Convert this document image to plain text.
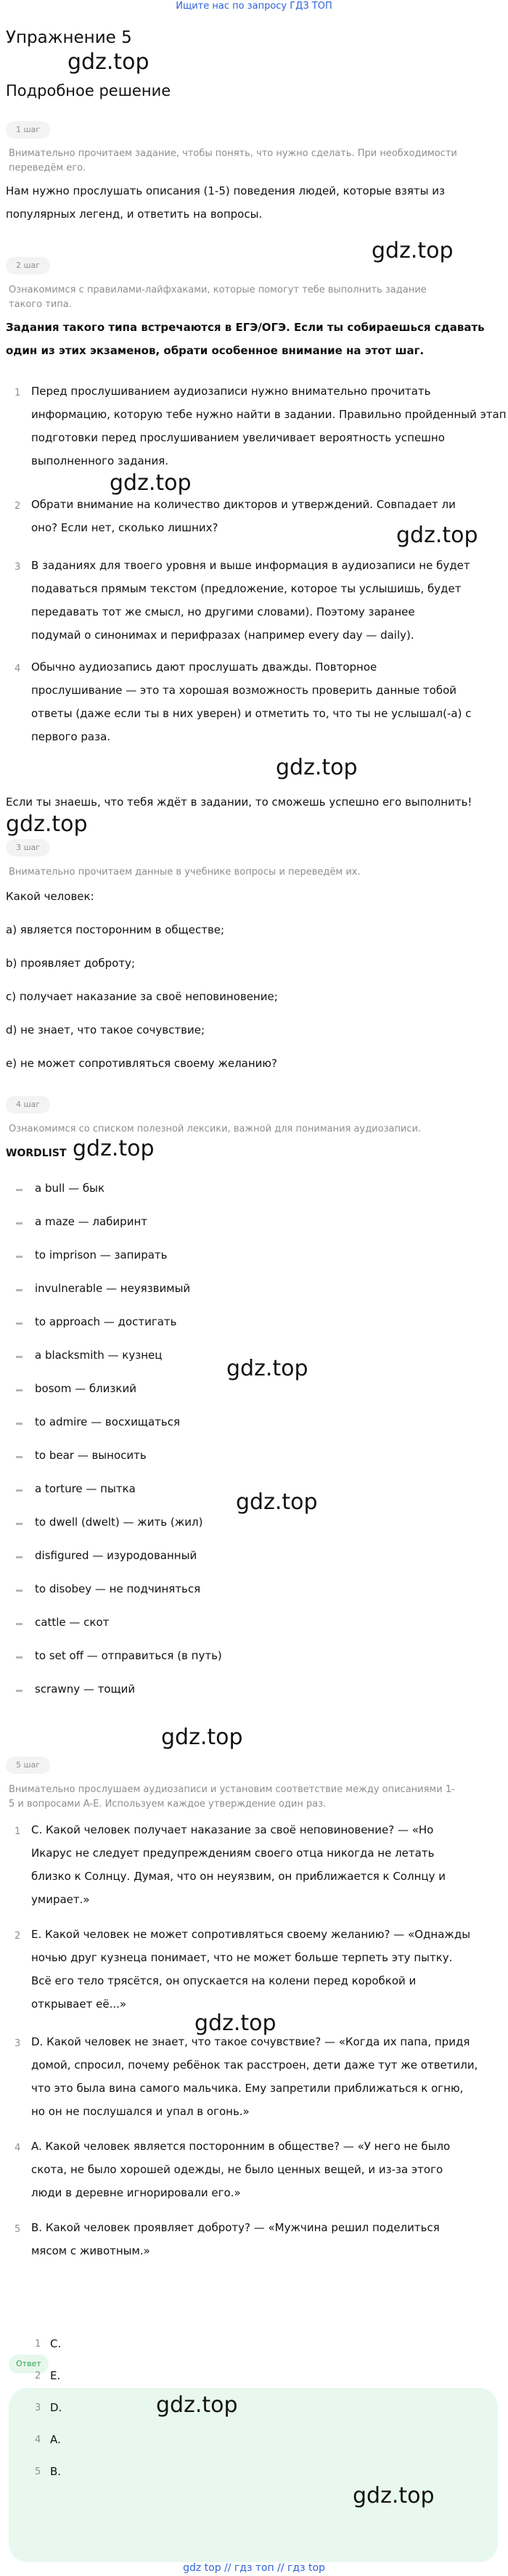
Ищите нас по запросу ГДЗ ТОП
Упражнение 5
gdz.top
Подробное решение
1 шаг
Внимательно прочитаем задание, чтобы понять, что нужно сделать. При необходимости
переведём его.
Нам нужно прослушать описания (1-5) поведения людей, которые взяты из
популярных легенд, и ответить на вопросы.
gdz.top
2 шаг
Ознакомимся с правилами-лайфхаками, которые помогут тебе выполнить задание
такого типа.
Задания такого типа встречаются в ЕГЭ/ОГЭ. Если ты собираешься сдавать
один из этих экзаменов, обрати особенное внимание на этот шаг.
1 Перед прослушиванием аудиозаписи нужно внимательно прочитать
информацию, которую тебе нужно найти в задании. Правильно пройденный этап
подготовки перед прослушиванием увеличивает вероятность успешно
выполненного задания.
gdz.top
2 Обрати внимание на количество дикторов и утверждений. Совпадает ли
оно? Если нет, сколько лишних?	gdz.top
3 В заданиях для твоего уровня и выше информация в аудиозаписи не будет
подаваться прямым текстом (предложение, которое ты услышишь, будет
передавать тот же смысл, но другими словами). Поэтому заранее
подумай о синонимах и перифразах (например every day — daily).
4 Обычно аудиозапись дают прослушать дважды. Повторное
прослушивание — это та хорошая возможность проверить данные тобой
ответы (даже если ты в них уверен) и отметить то, что ты не услышал(-а) с
первого раза.
gdz.top
Если ты знаешь, что тебя ждёт в задании, то сможешь успешно его выполнить!
gdz.top
3 шаг
Внимательно прочитаем данные в учебнике вопросы и переведём их.
Какой человек:
a) является посторонним в обществе;
b) проявляет доброту;
c) получает наказание за своё неповиновение;
d) не знает, что такое сочувствие;
e) не может сопротивляться своему желанию?
4 шаг
Ознакомимся со списком полезной лексики, важной для понимания аудиозаписи.
WORDLIST gdz.top
a bull — бык
a maze — лабиринт
to imprison — запирать
invulnerable — неуязвимый
to approach — достигать
a blacksmith — кузнец
gdz.top
bosom — близкий
to admire — восхищаться
to bear — выносить
a torture — пытка
gdz.top
to dwell (dwelt) — жить (жил)
disfigured — изуродованный
to disobey — не подчиняться
cattle — скот
to set off — отправиться (в путь)
scrawny — тощий
gdz.top
5 шаг
Внимательно прослушаем аудиозаписи и установим соответствие между описаниями 1-
5 и вопросами A-E. Используем каждое утверждение один раз.
1 C. Какой человек получает наказание за своё неповиновение? — «Но
Икарус не следует предупреждениям своего отца никогда не летать
близко к Солнцу. Думая, что он неуязвим, он приближается к Солнцу и
умирает.»
2 E. Какой человек не может сопротивляться своему желанию? — «Однажды
ночью друг кузнеца понимает, что не может больше терпеть эту пытку.
Всё его тело трясётся, он опускается на колени перед коробкой и
открывает её...»
gdz.top
3 D. Какой человек не знает, что такое сочувствие? — «Когда их папа, придя
домой, спросил, почему ребёнок так расстроен, дети даже тут же ответили,
что это была вина самого мальчика. Ему запретили приближаться к огню,
но он не послушался и упал в огонь.»
4 A. Какой человек является посторонним в обществе? — «У него не было
скота, не было хорошей одежды, не было ценных вещей, и из-за этого
люди в деревне игнорировали его.»
5 B. Какой человек проявляет доброту? — «Мужчина решил поделиться
мясом с животным.»
Ответ
gdz.top
1 C.
2 E.
3 D.
4 A.
5 B.
gdz.top
gdz top // гдз топ // гдз top
